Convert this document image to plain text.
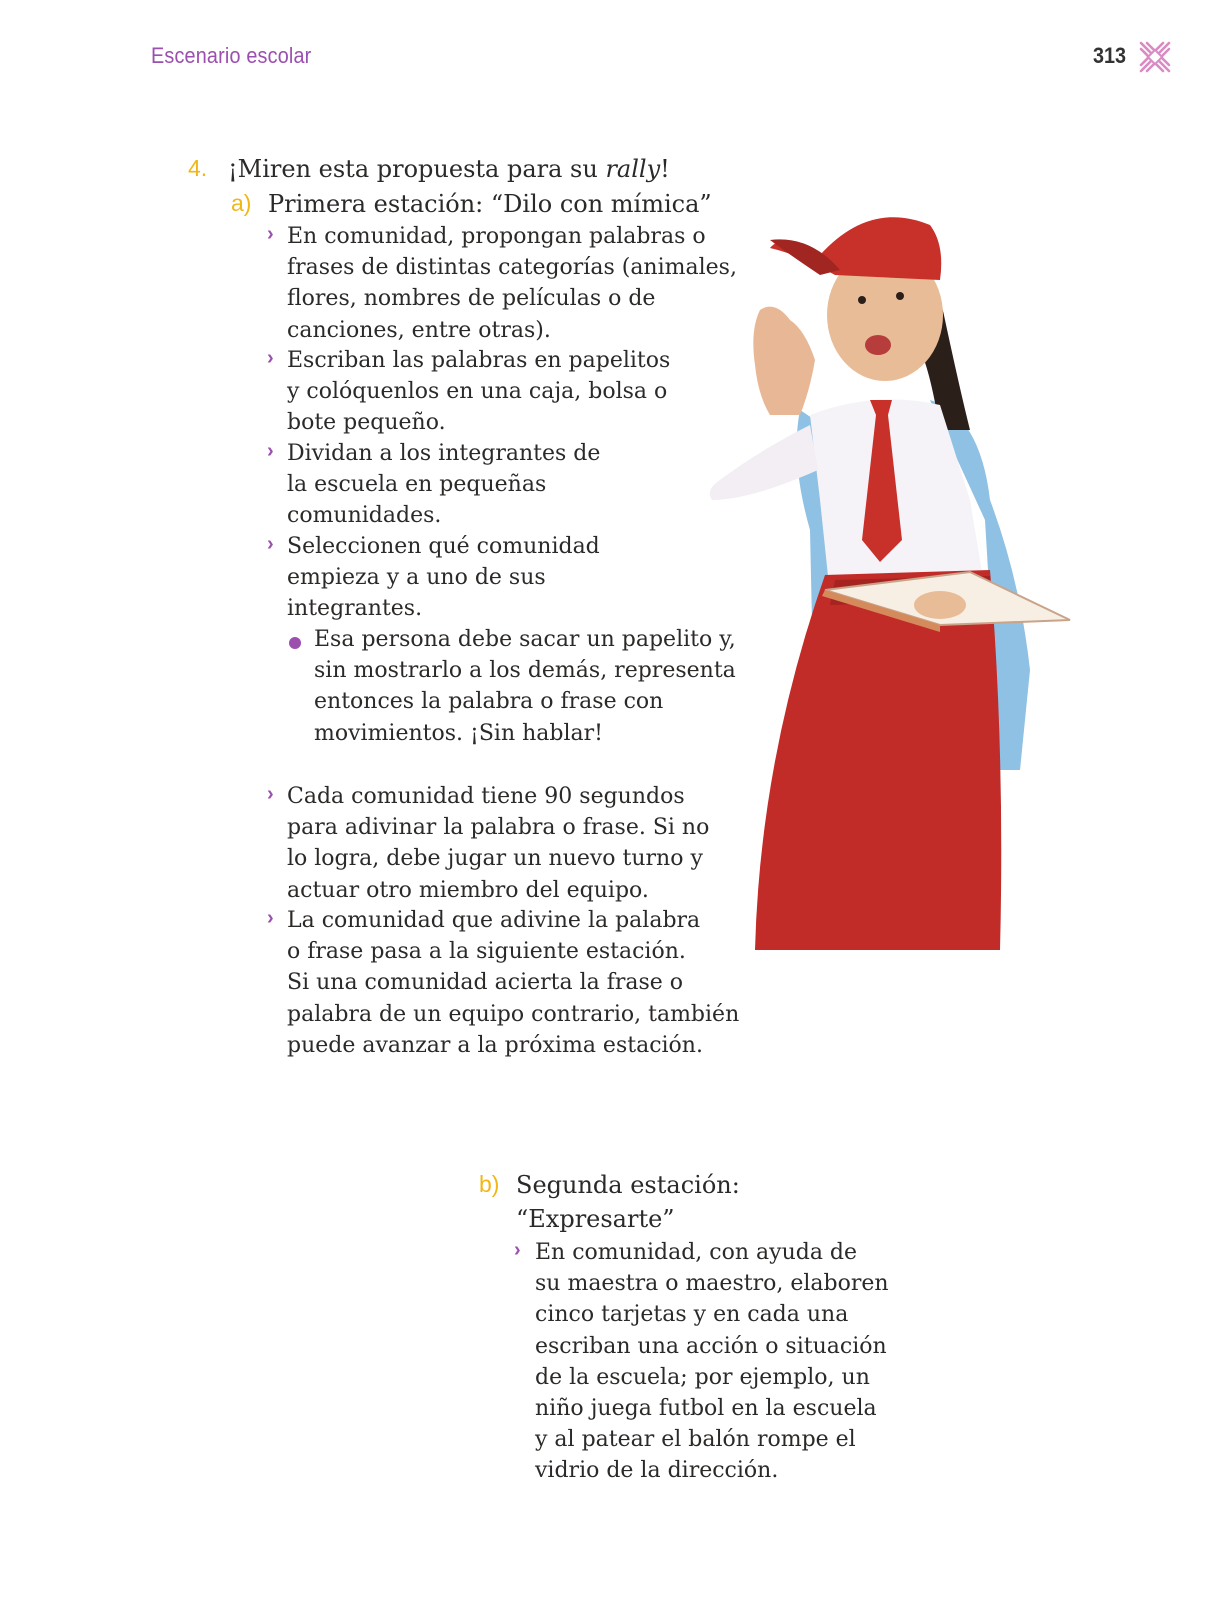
Escenario escolar	313
4. ¡Miren esta propuesta para su rally!
a) Primera estación: “Dilo con mímica”
› En comunidad, propongan palabras o
frases de distintas categorías (animales,
flores, nombres de películas o de
canciones, entre otras).
› Escriban las palabras en papelitos
y colóquenlos en una caja, bolsa o
bote pequeño.
› Dividan a los integrantes de
la escuela en pequeñas
comunidades.
› Seleccionen qué comunidad
empieza y a uno de sus
integrantes.
Esa persona debe sacar un papelito y,
sin mostrarlo a los demás, representa
entonces la palabra o frase con
movimientos. ¡Sin hablar!
› Cada comunidad tiene 90 segundos
para adivinar la palabra o frase. Si no
lo logra, debe jugar un nuevo turno y
actuar otro miembro del equipo.
› La comunidad que adivine la palabra
o frase pasa a la siguiente estación.
Si una comunidad acierta la frase o
palabra de un equipo contrario, también
puede avanzar a la próxima estación.
b) Segunda estación:
“Expresarte”
› En comunidad, con ayuda de
su maestra o maestro, elaboren
cinco tarjetas y en cada una
escriban una acción o situación
de la escuela; por ejemplo, un
niño juega futbol en la escuela
y al patear el balón rompe el
vidrio de la dirección.
